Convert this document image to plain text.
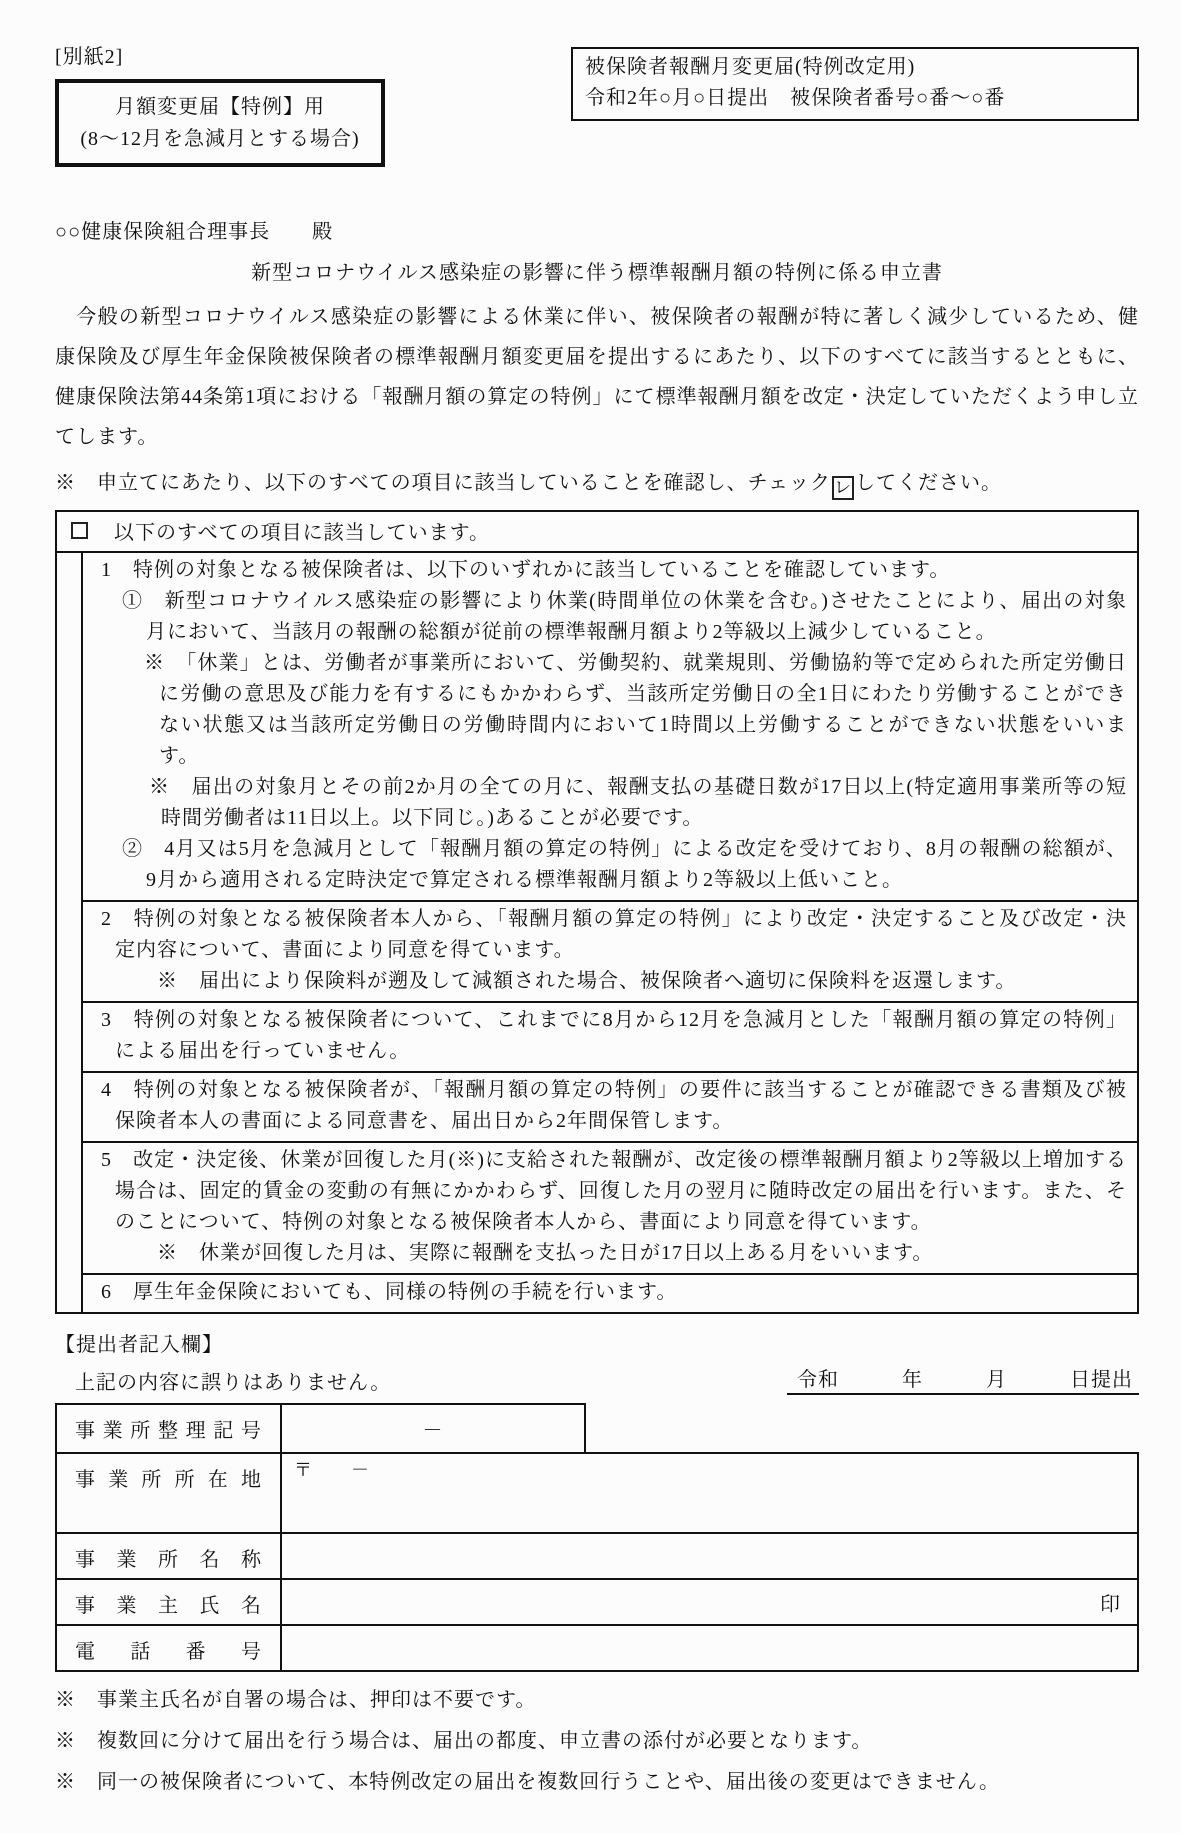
[別紙2]
月額変更届【特例】用
(8〜12月を急減月とする場合)
被保険者報酬月変更届(特例改定用)
令和2年○月○日提出　被保険者番号○番〜○番
○○健康保険組合理事長　　殿
新型コロナウイルス感染症の影響に伴う標準報酬月額の特例に係る申立書

　今般の新型コロナウイルス感染症の影響による休業に伴い、被保険者の報酬が特に著しく減少しているため、健康保険及び厚生年金保険被保険者の標準報酬月額変更届を提出するにあたり、以下のすべてに該当するとともに、健康保険法第44条第1項における「報酬月額の算定の特例」にて標準報酬月額を改定・決定していただくよう申し立てします。

※　申立てにあたり、以下のすべての項目に該当していることを確認し、チェック レ してください。
以下のすべての項目に該当しています。

1　特例の対象となる被保険者は、以下のいずれかに該当していることを確認しています。

①　新型コロナウイルス感染症の影響により休業(時間単位の休業を含む。)させたことにより、届出の対象月において、当該月の報酬の総額が従前の標準報酬月額より2等級以上減少していること。

※　「休業」とは、労働者が事業所において、労働契約、就業規則、労働協約等で定められた所定労働日に労働の意思及び能力を有するにもかかわらず、当該所定労働日の全1日にわたり労働することができない状態又は当該所定労働日の労働時間内において1時間以上労働することができない状態をいいます。

※　届出の対象月とその前2か月の全ての月に、報酬支払の基礎日数が17日以上(特定適用事業所等の短時間労働者は11日以上。以下同じ。)あることが必要です。

②　4月又は5月を急減月として「報酬月額の算定の特例」による改定を受けており、8月の報酬の総額が、9月から適用される定時決定で算定される標準報酬月額より2等級以上低いこと。

2　特例の対象となる被保険者本人から、「報酬月額の算定の特例」により改定・決定すること及び改定・決定内容について、書面により同意を得ています。

※　届出により保険料が遡及して減額された場合、被保険者へ適切に保険料を返還します。

3　特例の対象となる被保険者について、これまでに8月から12月を急減月とした「報酬月額の算定の特例」による届出を行っていません。

4　特例の対象となる被保険者が、「報酬月額の算定の特例」の要件に該当することが確認できる書類及び被保険者本人の書面による同意書を、届出日から2年間保管します。

5　改定・決定後、休業が回復した月(※)に支給された報酬が、改定後の標準報酬月額より2等級以上増加する場合は、固定的賃金の変動の有無にかかわらず、回復した月の翌月に随時改定の届出を行います。また、そのことについて、特例の対象となる被保険者本人から、書面により同意を得ています。

※　休業が回復した月は、実際に報酬を支払った日が17日以上ある月をいいます。

6　厚生年金保険においても、同様の特例の手続を行います。

【提出者記入欄】
上記の内容に誤りはありません。	令和　　　年　　　月　　　日提出
事業所整理記号	－
事業所所在地	〒　　－
事業所名称
事業主氏名	印
電話番号

※　事業主氏名が自署の場合は、押印は不要です。

※　複数回に分けて届出を行う場合は、届出の都度、申立書の添付が必要となります。

※　同一の被保険者について、本特例改定の届出を複数回行うことや、届出後の変更はできません。
